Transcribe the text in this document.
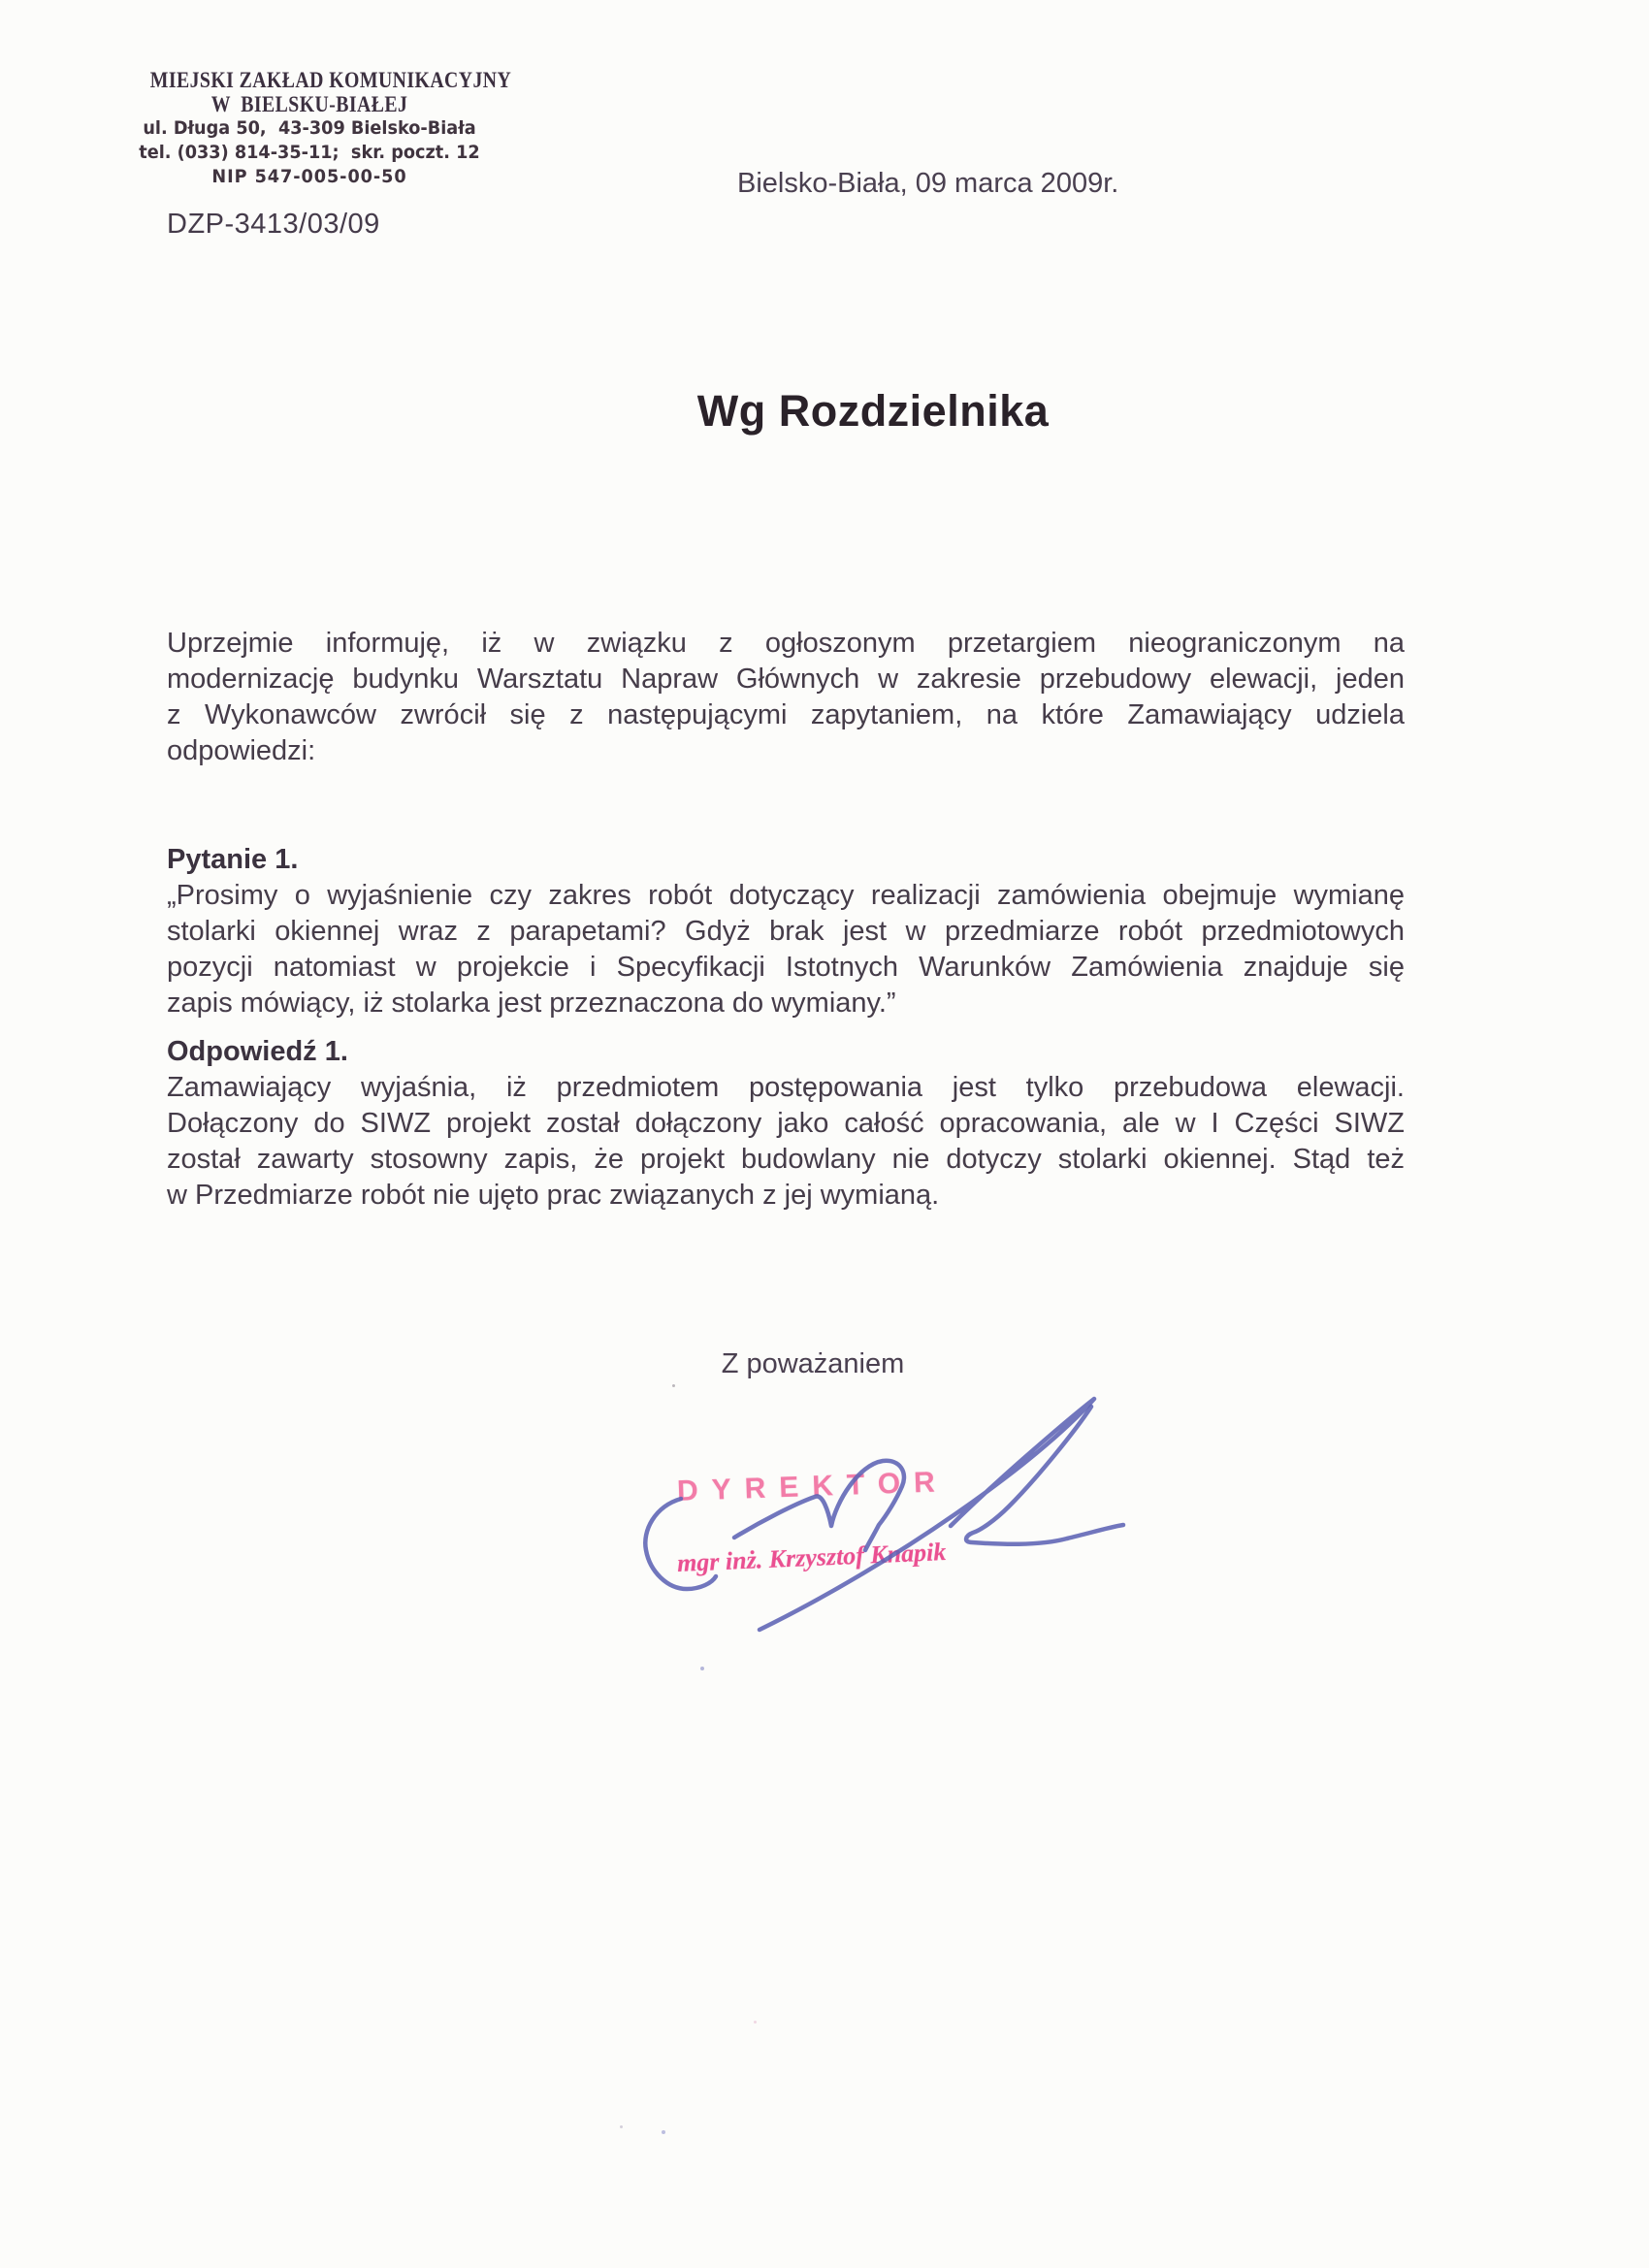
MIEJSKI ZAKŁAD KOMUNIKACYJNY
W  BIELSKU-BIAŁEJ
ul. Długa 50,  43-309 Bielsko-Biała
tel. (033) 814-35-11;  skr. poczt. 12
NIP 547-005-00-50	Bielsko-Biała, 09 marca 2009r.
DZP-3413/03/09
Wg Rozdzielnika
Uprzejmie informuję, iż w związku z ogłoszonym przetargiem nieograniczonym na
modernizację budynku Warsztatu Napraw Głównych w zakresie przebudowy elewacji, jeden
z Wykonawców zwrócił się z następującymi zapytaniem, na które Zamawiający udziela
odpowiedzi:
Pytanie 1.
„Prosimy o wyjaśnienie czy zakres robót dotyczący realizacji zamówienia obejmuje wymianę
stolarki okiennej wraz z parapetami? Gdyż brak jest w przedmiarze robót przedmiotowych
pozycji natomiast w projekcie i Specyfikacji Istotnych Warunków Zamówienia znajduje się
zapis mówiący, iż stolarka jest przeznaczona do wymiany.”
Odpowiedź 1.
Zamawiający wyjaśnia, iż przedmiotem postępowania jest tylko przebudowa elewacji.
Dołączony do SIWZ projekt został dołączony jako całość opracowania, ale w I Części SIWZ
został zawarty stosowny zapis, że projekt budowlany nie dotyczy stolarki okiennej. Stąd też
w Przedmiarze robót nie ujęto prac związanych z jej wymianą.
Z poważaniem
DYREKTOR
mgr inż. Krzysztof Knapik
